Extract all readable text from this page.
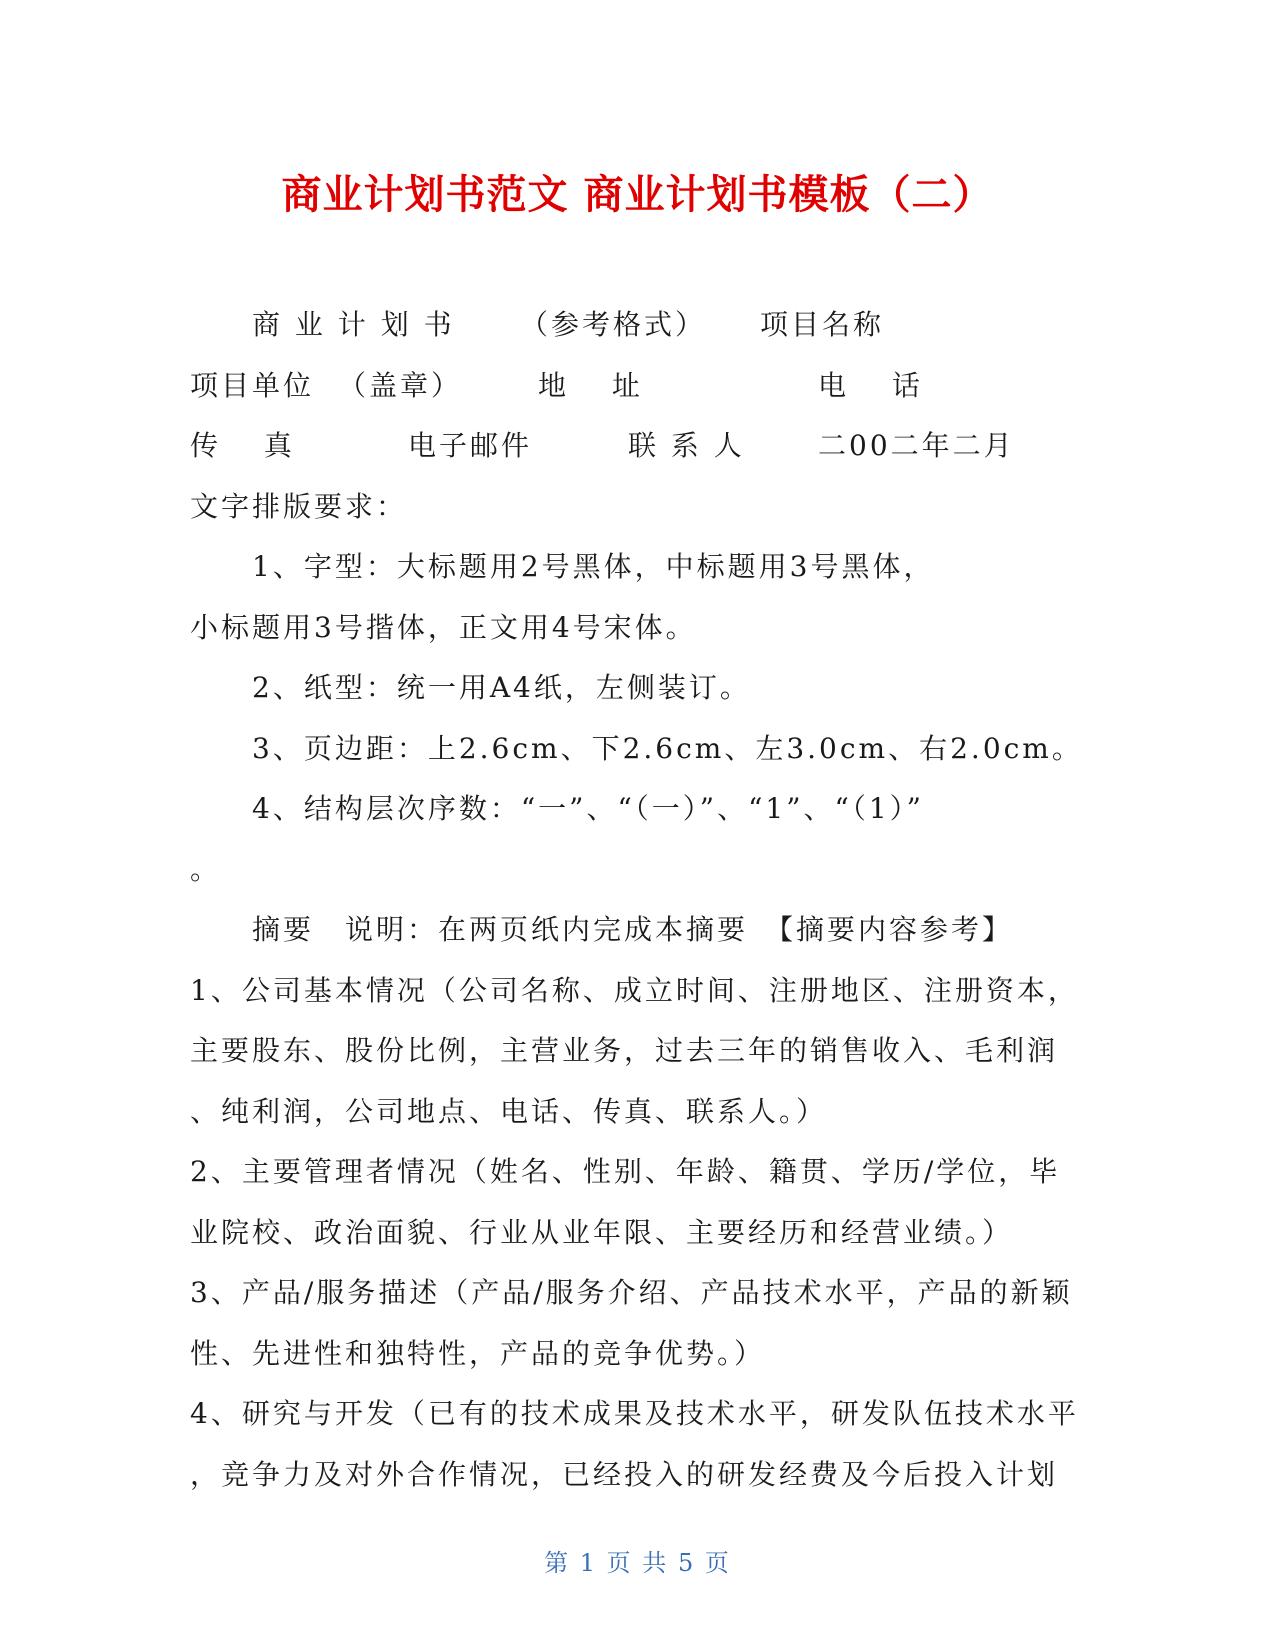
商业计划书范文 商业计划书模板（二）
商 业 计 划 书 （参考格式） 项目名称
项目单位 （盖章）	地　 址	电　 话
传　 真	电子邮件	联 系 人	二00二年二月
文字排版要求：
1、字型：大标题用2号黑体，中标题用3号黑体，
小标题用3号揩体，正文用4号宋体。
2、纸型：统一用A4纸，左侧装订。
3、页边距：上2.6cm、下2.6cm、左3.0cm、右2.0cm。
4、结构层次序数：“一”、“（一）”、“1”、“（1）”
。
摘要　说明：在两页纸内完成本摘要　【摘要内容参考】
1、公司基本情况（公司名称、成立时间、注册地区、注册资本，
主要股东、股份比例，主营业务，过去三年的销售收入、毛利润
、纯利润，公司地点、电话、传真、联系人。）
2、主要管理者情况（姓名、性别、年龄、籍贯、学历/学位，毕
业院校、政治面貌、行业从业年限、主要经历和经营业绩。）
3、产品/服务描述（产品/服务介绍、产品技术水平，产品的新颖
性、先进性和独特性，产品的竞争优势。）
4、研究与开发（已有的技术成果及技术水平，研发队伍技术水平
，竞争力及对外合作情况，已经投入的研发经费及今后投入计划
第 1 页 共 5 页
